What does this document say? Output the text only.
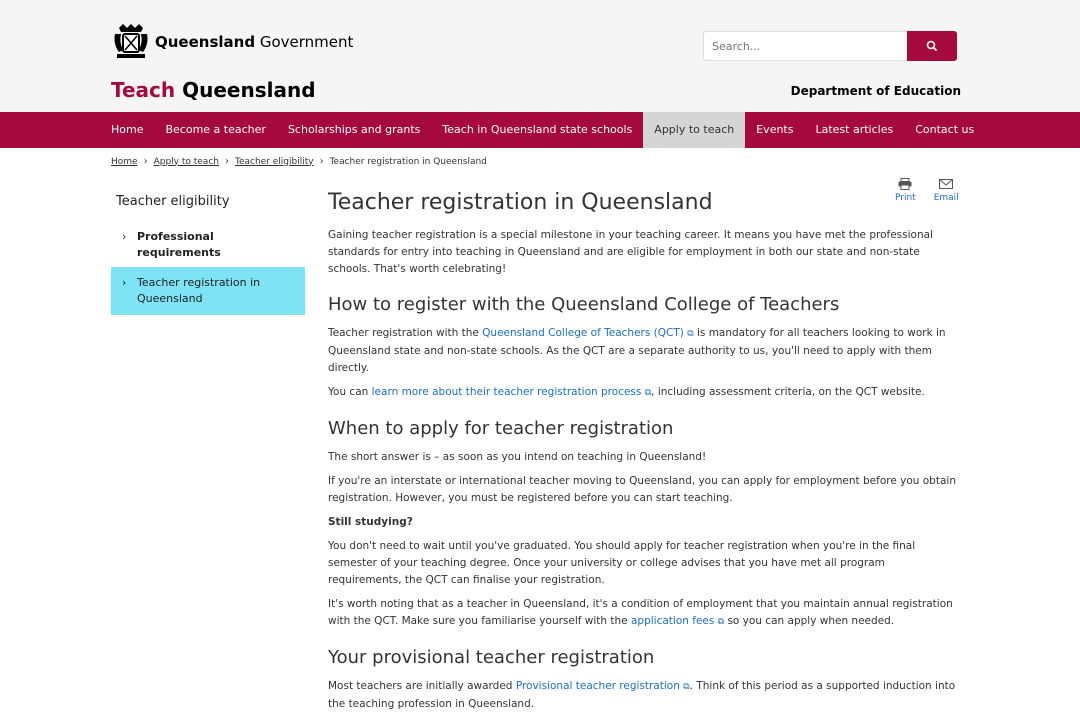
Queensland Government
Teach Queensland
Search...	Department of Education
Home	Become a teacher	Scholarships and grants	Teach in Queensland state schools	Apply to teach	Events	Latest articles	Contact us
Home › Apply to teach › Teacher eligibility › Teacher registration in Queensland
Teacher eligibility
› Professional requirements
› Teacher registration in Queensland
Print Email
Teacher registration in Queensland

Gaining teacher registration is a special milestone in your teaching career. It means you have met the professional standards for entry into teaching in Queensland and are eligible for employment in both our state and non-state schools. That's worth celebrating!

How to register with the Queensland College of Teachers

Teacher registration with the Queensland College of Teachers (QCT) ⧉ is mandatory for all teachers looking to work in Queensland state and non-state schools. As the QCT are a separate authority to us, you'll need to apply with them directly.

You can learn more about their teacher registration process ⧉, including assessment criteria, on the QCT website.

When to apply for teacher registration

The short answer is – as soon as you intend on teaching in Queensland!

If you're an interstate or international teacher moving to Queensland, you can apply for employment before you obtain registration. However, you must be registered before you can start teaching.

Still studying?

You don't need to wait until you've graduated. You should apply for teacher registration when you're in the final semester of your teaching degree. Once your university or college advises that you have met all program requirements, the QCT can finalise your registration.

It's worth noting that as a teacher in Queensland, it's a condition of employment that you maintain annual registration with the QCT. Make sure you familiarise yourself with the application fees ⧉ so you can apply when needed.

Your provisional teacher registration

Most teachers are initially awarded Provisional teacher registration ⧉. Think of this period as a supported induction into the teaching profession in Queensland.
